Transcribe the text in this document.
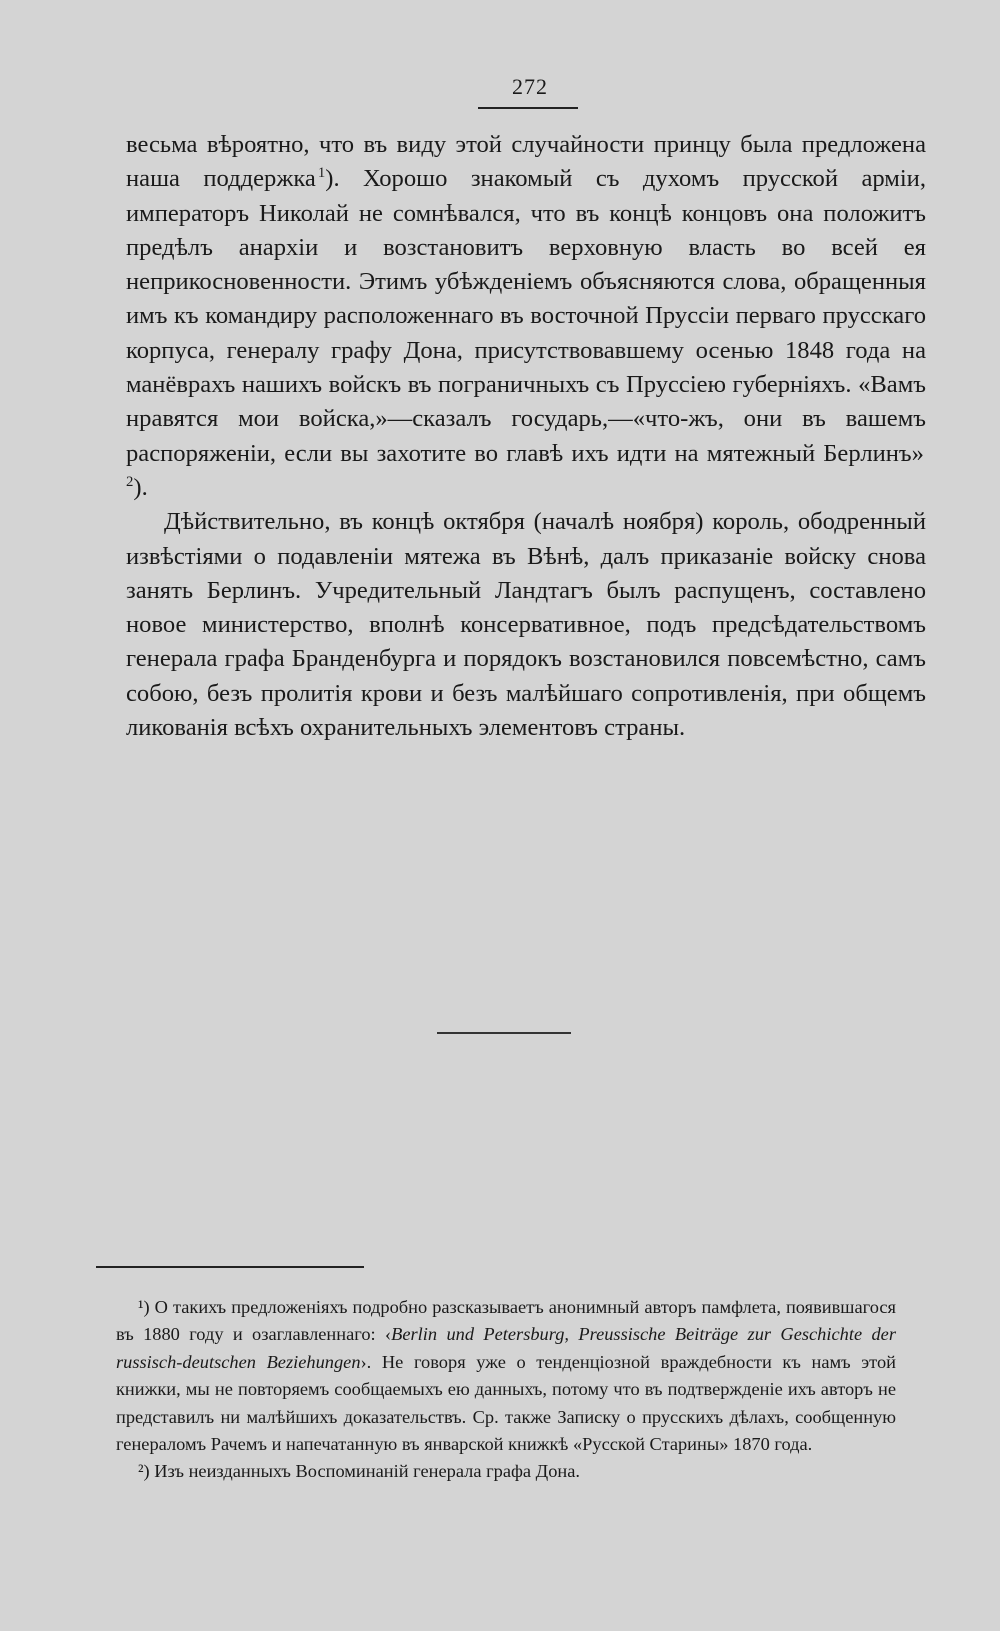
272

весьма вѣроятно, что въ виду этой случайности принцу была предложена наша поддержка  $^1$). Хорошо знакомый съ духомъ прусской арміи, императоръ Николай не сомнѣвался, что въ концѣ концовъ она положитъ предѣлъ анархіи и возстановитъ верховную власть во всей ея неприкосновенности. Этимъ убѣжденіемъ объясняются слова, обращенныя имъ къ командиру расположеннаго въ восточной Пруссіи перваго прусскаго корпуса, генералу графу Дона, присутствовавшему осенью 1848 года на манёврахъ нашихъ войскъ въ пограничныхъ съ Пруссіею губерніяхъ. «Вамъ нравятся мои войска,»—сказалъ государь,—«что-жъ, они въ вашемъ распоряженіи, если вы захотите во главѣ ихъ идти на мятежный Берлинъ» $^2$).

Дѣйствительно, въ концѣ октября (началѣ ноября) король, ободренный извѣстіями о подавленіи мятежа въ Вѣнѣ, далъ приказаніе войску снова занять Берлинъ. Учредительный Ландтагъ былъ распущенъ, составлено новое министерство, вполнѣ консервативное, подъ предсѣдательствомъ генерала графа Бранденбурга и порядокъ возстановился повсемѣстно, самъ собою, безъ пролитія крови и безъ малѣйшаго сопротивленія, при общемъ ликованія всѣхъ охранительныхъ элементовъ страны.

¹) О такихъ предложеніяхъ подробно разсказываетъ анонимный авторъ памфлета, появившагося въ 1880 году и озаглавленнаго: ‹Berlin und Petersburg, Preussische Beiträge zur Geschichte der russisch-deutschen Beziehungen›. Не говоря уже о тенденціозной враждебности къ намъ этой книжки, мы не повторяемъ сообщаемыхъ ею данныхъ, потому что въ подтвержденіе ихъ авторъ не представилъ ни малѣйшихъ доказательствъ. Ср. также Записку о прусскихъ дѣлахъ, сообщенную генераломъ Рачемъ и напечатанную въ январской книжкѣ «Русской Старины» 1870 года.

²) Изъ неизданныхъ Воспоминаній генерала графа Дона.
